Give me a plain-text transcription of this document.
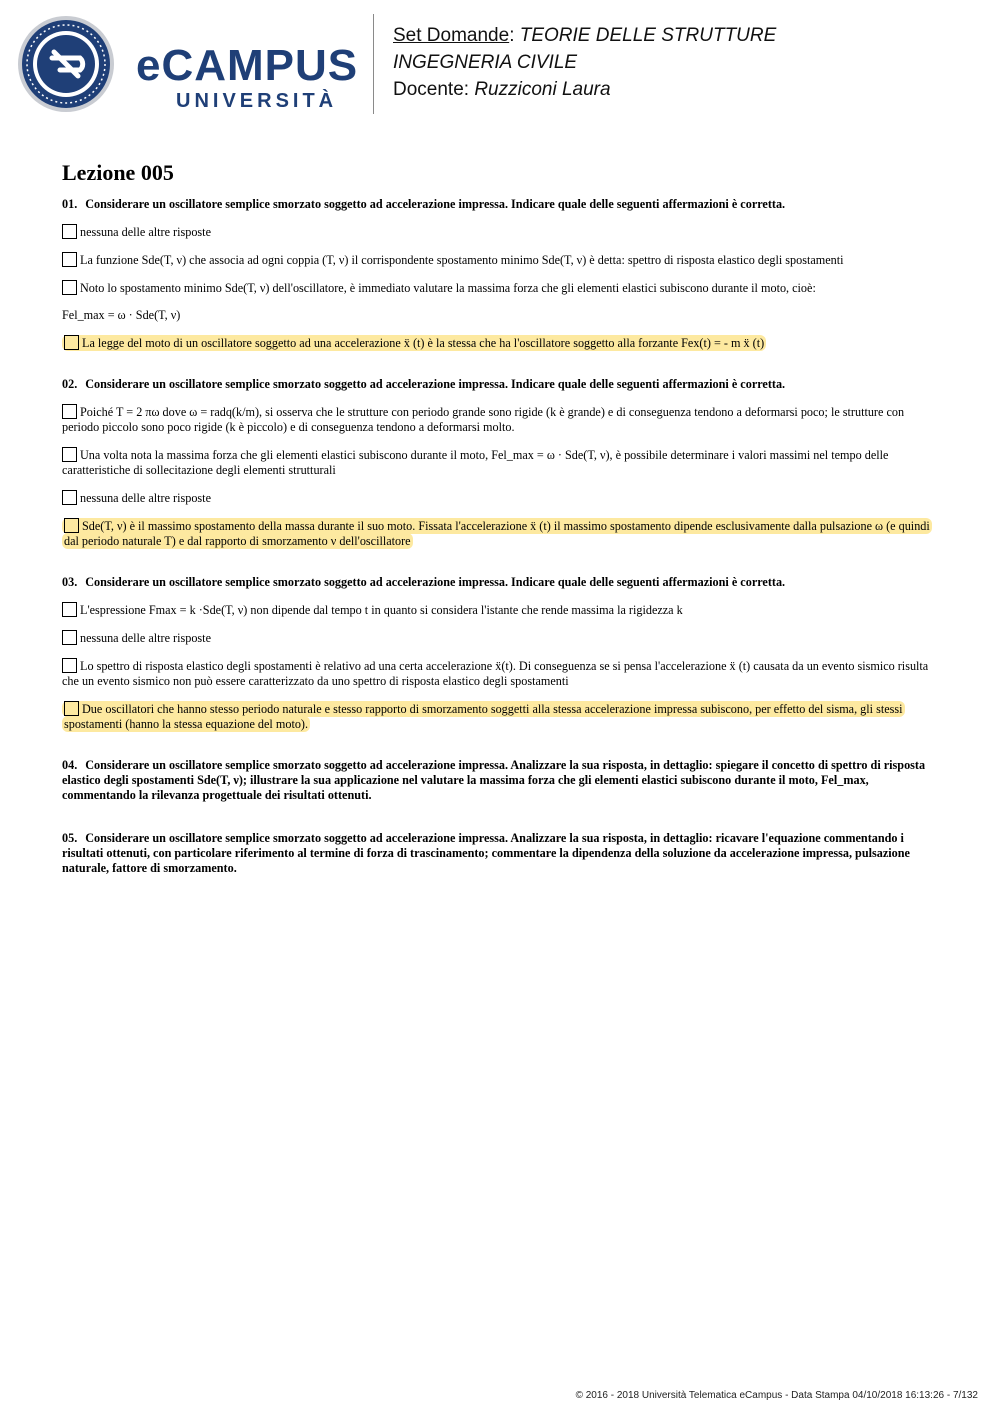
eCAMPUS
UNIVERSITÀ
Set Domande: TEORIE DELLE STRUTTURE
INGEGNERIA CIVILE
Docente: Ruzziconi Laura
Lezione 005
01. Considerare un oscillatore semplice smorzato soggetto ad accelerazione impressa. Indicare quale delle seguenti affermazioni è corretta.
nessuna delle altre risposte
La funzione Sde(T, ν) che associa ad ogni coppia (T, ν) il corrispondente spostamento minimo Sde(T, ν) è detta: spettro di risposta elastico degli spostamenti
Noto lo spostamento minimo Sde(T, ν) dell'oscillatore, è immediato valutare la massima forza che gli elementi elastici subiscono durante il moto, cioè:
Fel_max = ω · Sde(T, ν)
La legge del moto di un oscillatore soggetto ad una accelerazione ẍ (t) è la stessa che ha l'oscillatore soggetto alla forzante Fex(t) = - m ẍ (t)
02. Considerare un oscillatore semplice smorzato soggetto ad accelerazione impressa. Indicare quale delle seguenti affermazioni è corretta.
Poiché T = 2 πω dove ω = radq(k/m), si osserva che le strutture con periodo grande sono rigide (k è grande) e di conseguenza tendono a deformarsi poco; le strutture con periodo piccolo sono poco rigide (k è piccolo) e di conseguenza tendono a deformarsi molto.
Una volta nota la massima forza che gli elementi elastici subiscono durante il moto, Fel_max = ω · Sde(T, ν), è possibile determinare i valori massimi nel tempo delle caratteristiche di sollecitazione degli elementi strutturali
nessuna delle altre risposte
Sde(T, ν) è il massimo spostamento della massa durante il suo moto. Fissata l'accelerazione ẍ (t) il massimo spostamento dipende esclusivamente dalla pulsazione ω (e quindi dal periodo naturale T) e dal rapporto di smorzamento ν dell'oscillatore
03. Considerare un oscillatore semplice smorzato soggetto ad accelerazione impressa. Indicare quale delle seguenti affermazioni è corretta.
L'espressione Fmax = k ·Sde(T, ν) non dipende dal tempo t in quanto si considera l'istante che rende massima la rigidezza k
nessuna delle altre risposte
Lo spettro di risposta elastico degli spostamenti è relativo ad una certa accelerazione ẍ(t). Di conseguenza se si pensa l'accelerazione ẍ (t) causata da un evento sismico risulta che un evento sismico non può essere caratterizzato da uno spettro di risposta elastico degli spostamenti
Due oscillatori che hanno stesso periodo naturale e stesso rapporto di smorzamento soggetti alla stessa accelerazione impressa subiscono, per effetto del sisma, gli stessi spostamenti (hanno la stessa equazione del moto).
04. Considerare un oscillatore semplice smorzato soggetto ad accelerazione impressa. Analizzare la sua risposta, in dettaglio: spiegare il concetto di spettro di risposta elastico degli spostamenti Sde(T, ν); illustrare la sua applicazione nel valutare la massima forza che gli elementi elastici subiscono durante il moto, Fel_max, commentando la rilevanza progettuale dei risultati ottenuti.
05. Considerare un oscillatore semplice smorzato soggetto ad accelerazione impressa. Analizzare la sua risposta, in dettaglio: ricavare l'equazione commentando i risultati ottenuti, con particolare riferimento al termine di forza di trascinamento; commentare la dipendenza della soluzione da accelerazione impressa, pulsazione naturale, fattore di smorzamento.
© 2016 - 2018 Università Telematica eCampus - Data Stampa 04/10/2018 16:13:26 - 7/132
